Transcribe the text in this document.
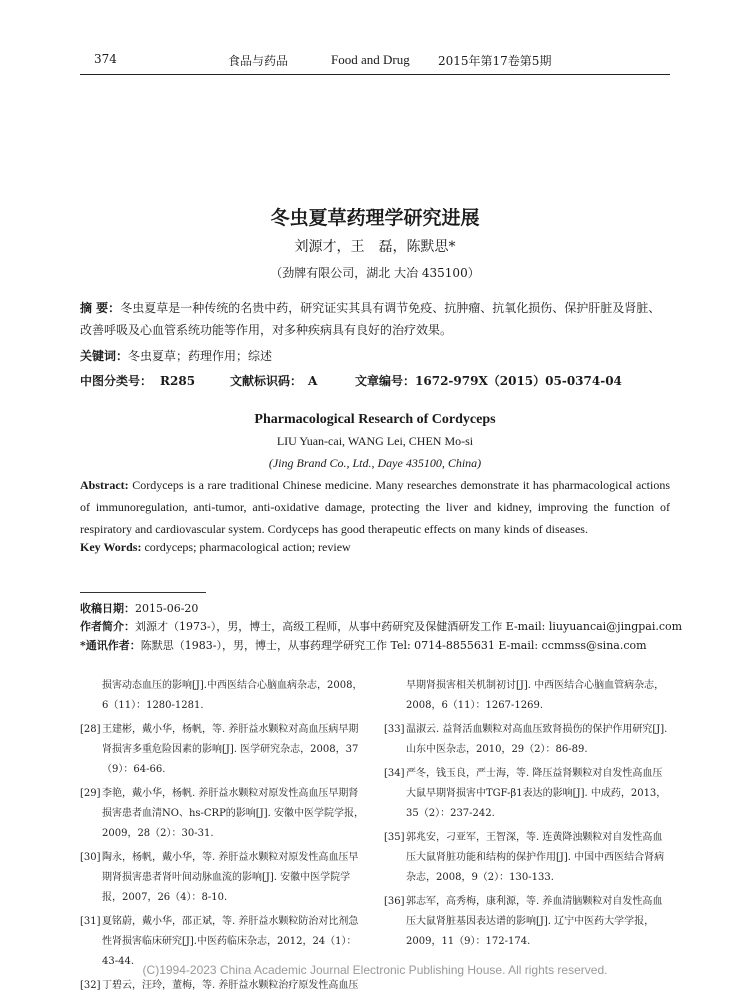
374	食品与药品	Food and Drug 2015年第17卷第5期
冬虫夏草药理学研究进展
刘源才，王　磊，陈默思*
（劲牌有限公司，湖北 大冶 435100）
摘 要：冬虫夏草是一种传统的名贵中药，研究证实其具有调节免疫、抗肿瘤、抗氧化损伤、保护肝脏及肾脏、改善呼吸及心血管系统功能等作用，对多种疾病具有良好的治疗效果。
关键词：冬虫夏草；药理作用；综述
中图分类号： R285	文献标识码： A	文章编号：1672-979X（2015）05-0374-04
Pharmacological Research of Cordyceps
LIU Yuan-cai, WANG Lei, CHEN Mo-si
(Jing Brand Co., Ltd., Daye 435100, China)
Abstract: Cordyceps is a rare traditional Chinese medicine. Many researches demonstrate it has pharmacological actions of immunoregulation, anti-tumor, anti-oxidative damage, protecting the liver and kidney, improving the function of respiratory and cardiovascular system. Cordyceps has good therapeutic effects on many kinds of diseases.
Key Words: cordyceps; pharmacological action; review
收稿日期：2015-06-20
作者简介：刘源才（1973-），男，博士，高级工程师，从事中药研究及保健酒研发工作 E-mail: liuyuancai@jingpai.com
*通讯作者：陈默思（1983-），男，博士，从事药理学研究工作 Tel: 0714-8855631 E-mail: ccmmss@sina.com
损害动态血压的影响[J].中西医结合心脑血病杂志，2008，6（11）：1280-1281.
[28] 王建彬，戴小华，杨帆，等. 养肝益水颗粒对高血压病早期肾损害多重危险因素的影响[J]. 医学研究杂志，2008，37（9）：64-66.
[29] 李艳，戴小华，杨帆. 养肝益水颗粒对原发性高血压早期肾损害患者血清NO、hs-CRP的影响[J]. 安徽中医学院学报，2009，28（2）：30-31.
[30] 陶永，杨帆，戴小华，等. 养肝益水颗粒对原发性高血压早期肾损害患者肾叶间动脉血流的影响[J]. 安徽中医学院学报，2007，26（4）：8-10.
[31] 夏铭蔚，戴小华，邵正斌，等. 养肝益水颗粒防治对比剂急性肾损害临床研究[J].中医药临床杂志，2012，24（1）：43-44.
[32] 丁碧云，汪玲，董梅，等. 养肝益水颗粒治疗原发性高血压
早期肾损害相关机制初讨[J]. 中西医结合心脑血管病杂志，2008，6（11）：1267-1269.
[33] 温淑云. 益肾活血颗粒对高血压致肾损伤的保护作用研究[J]. 山东中医杂志，2010，29（2）：86-89.
[34] 严冬，钱玉良，严士海，等. 降压益肾颗粒对自发性高血压大鼠早期肾损害中TGF-β1表达的影响[J]. 中成药，2013，35（2）：237-242.
[35] 郭兆安，刁亚军，王智深，等. 连黄降浊颗粒对自发性高血压大鼠肾脏功能和结构的保护作用[J]. 中国中西医结合肾病杂志，2008，9（2）：130-133.
[36] 郭志军，高秀梅，康利源，等. 养血清脑颗粒对自发性高血压大鼠肾脏基因表达谱的影响[J]. 辽宁中医药大学学报，2009，11（9）：172-174.
(C)1994-2023 China Academic Journal Electronic Publishing House. All rights reserved.
